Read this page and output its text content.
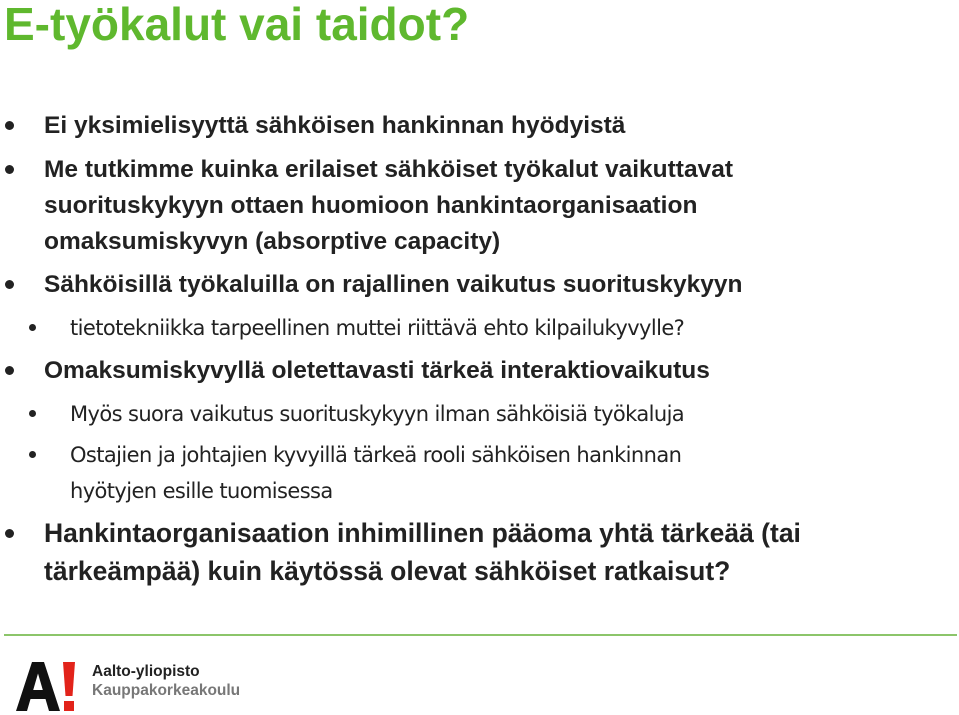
E-työkalut vai taidot?
Ei yksimielisyyttä sähköisen hankinnan hyödyistä
Me tutkimme kuinka erilaiset sähköiset työkalut vaikuttavat
suorituskykyyn ottaen huomioon hankintaorganisaation
omaksumiskyvyn (absorptive capacity)
Sähköisillä työkaluilla on rajallinen vaikutus suorituskykyyn
tietotekniikka tarpeellinen muttei riittävä ehto kilpailukyvylle?
Omaksumiskyvyllä oletettavasti tärkeä interaktiovaikutus
Myös suora vaikutus suorituskykyyn ilman sähköisiä työkaluja
Ostajien ja johtajien kyvyillä tärkeä rooli sähköisen hankinnan
hyötyjen esille tuomisessa
Hankintaorganisaation inhimillinen pääoma yhtä tärkeää (tai
tärkeämpää) kuin käytössä olevat sähköiset ratkaisut?
Aalto-yliopisto
Kauppakorkeakoulu
